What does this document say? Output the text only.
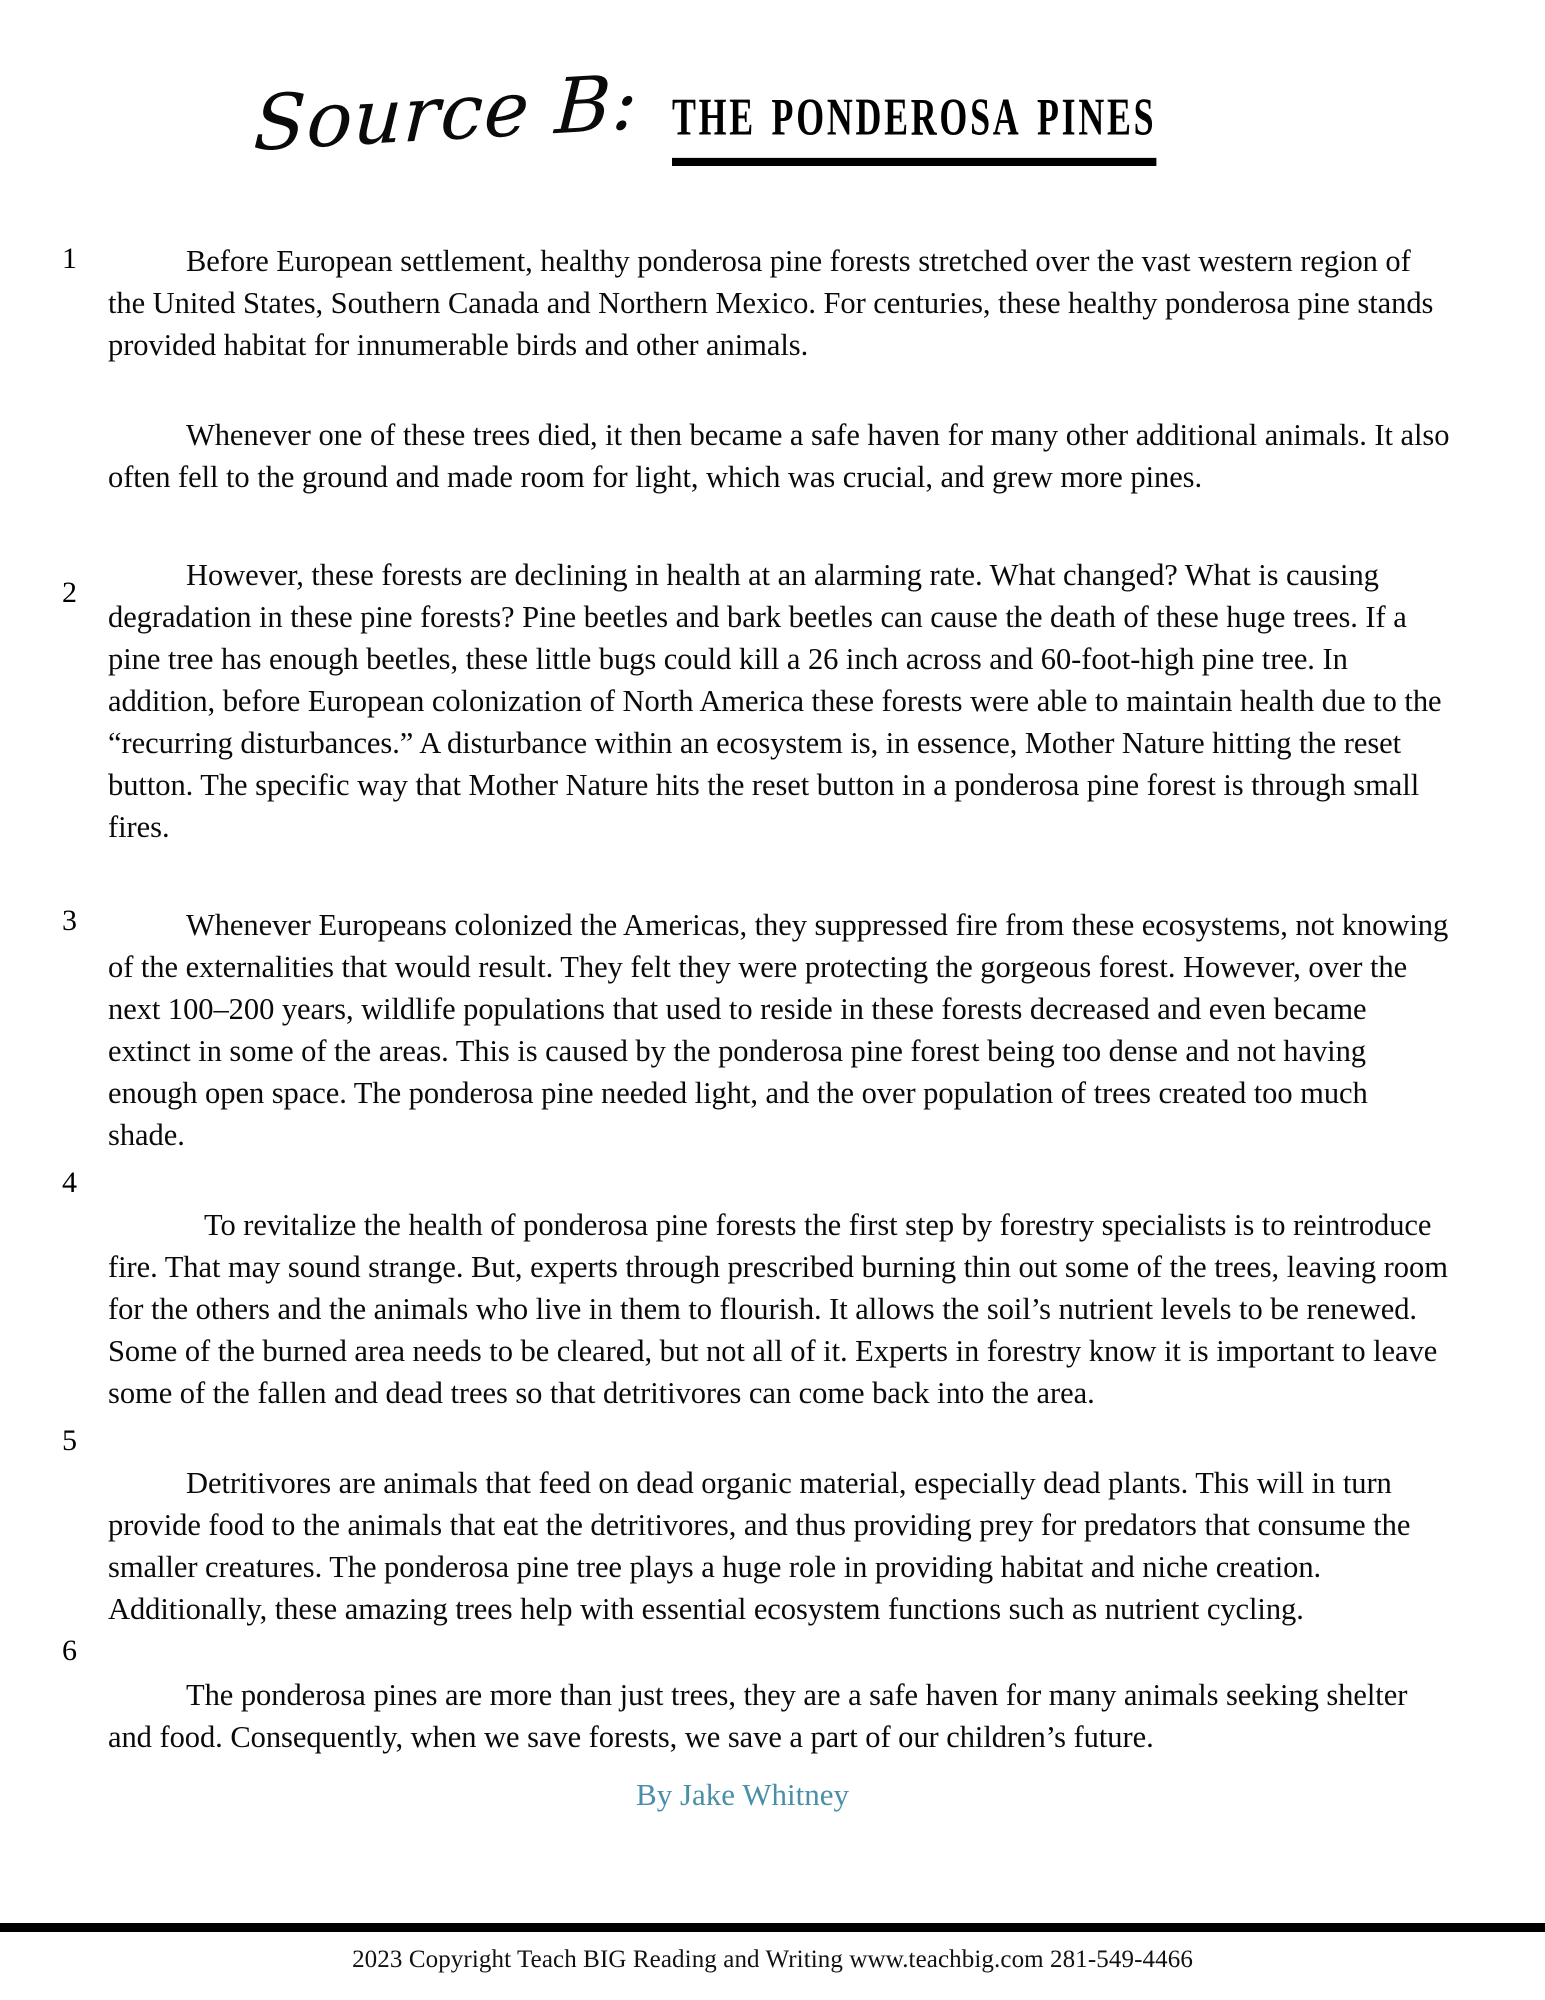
Source B: the ponderosa pines
1	Before European settlement, healthy ponderosa pine forests stretched over the vast western region of the United States, Southern Canada and Northern Mexico. For centuries, these healthy ponderosa pine stands provided habitat for innumerable birds and other animals.

Whenever one of these trees died, it then became a safe haven for many other additional animals. It also often fell to the ground and made room for light, which was crucial, and grew more pines.

2

However, these forests are declining in health at an alarming rate. What changed? What is causing degradation in these pine forests? Pine beetles and bark beetles can cause the death of these huge trees. If a pine tree has enough beetles, these little bugs could kill a 26 inch across and 60-foot-high pine tree. In addition, before European colonization of North America these forests were able to maintain health due to the “recurring disturbances.” A disturbance within an ecosystem is, in essence, Mother Nature hitting the reset button. The specific way that Mother Nature hits the reset button in a ponderosa pine forest is through small fires.

3	Whenever Europeans colonized the Americas, they suppressed fire from these ecosystems, not knowing of the externalities that would result. They felt they were protecting the gorgeous forest. However, over the next 100–200 years, wildlife populations that used to reside in these forests decreased and even became extinct in some of the areas. This is caused by the ponderosa pine forest being too dense and not having enough open space. The ponderosa pine needed light, and the over population of trees created too much shade.

4

To revitalize the health of ponderosa pine forests the first step by forestry specialists is to reintroduce fire. That may sound strange. But, experts through prescribed burning thin out some of the trees, leaving room for the others and the animals who live in them to flourish. It allows the soil’s nutrient levels to be renewed. Some of the burned area needs to be cleared, but not all of it. Experts in forestry know it is important to leave some of the fallen and dead trees so that detritivores can come back into the area.

5

Detritivores are animals that feed on dead organic material, especially dead plants. This will in turn provide food to the animals that eat the detritivores, and thus providing prey for predators that consume the smaller creatures. The ponderosa pine tree plays a huge role in providing habitat and niche creation. Additionally, these amazing trees help with essential ecosystem functions such as nutrient cycling.

6

The ponderosa pines are more than just trees, they are a safe haven for many animals seeking shelter and food. Consequently, when we save forests, we save a part of our children’s future.

By Jake Whitney
2023 Copyright Teach BIG Reading and Writing www.teachbig.com 281-549-4466
